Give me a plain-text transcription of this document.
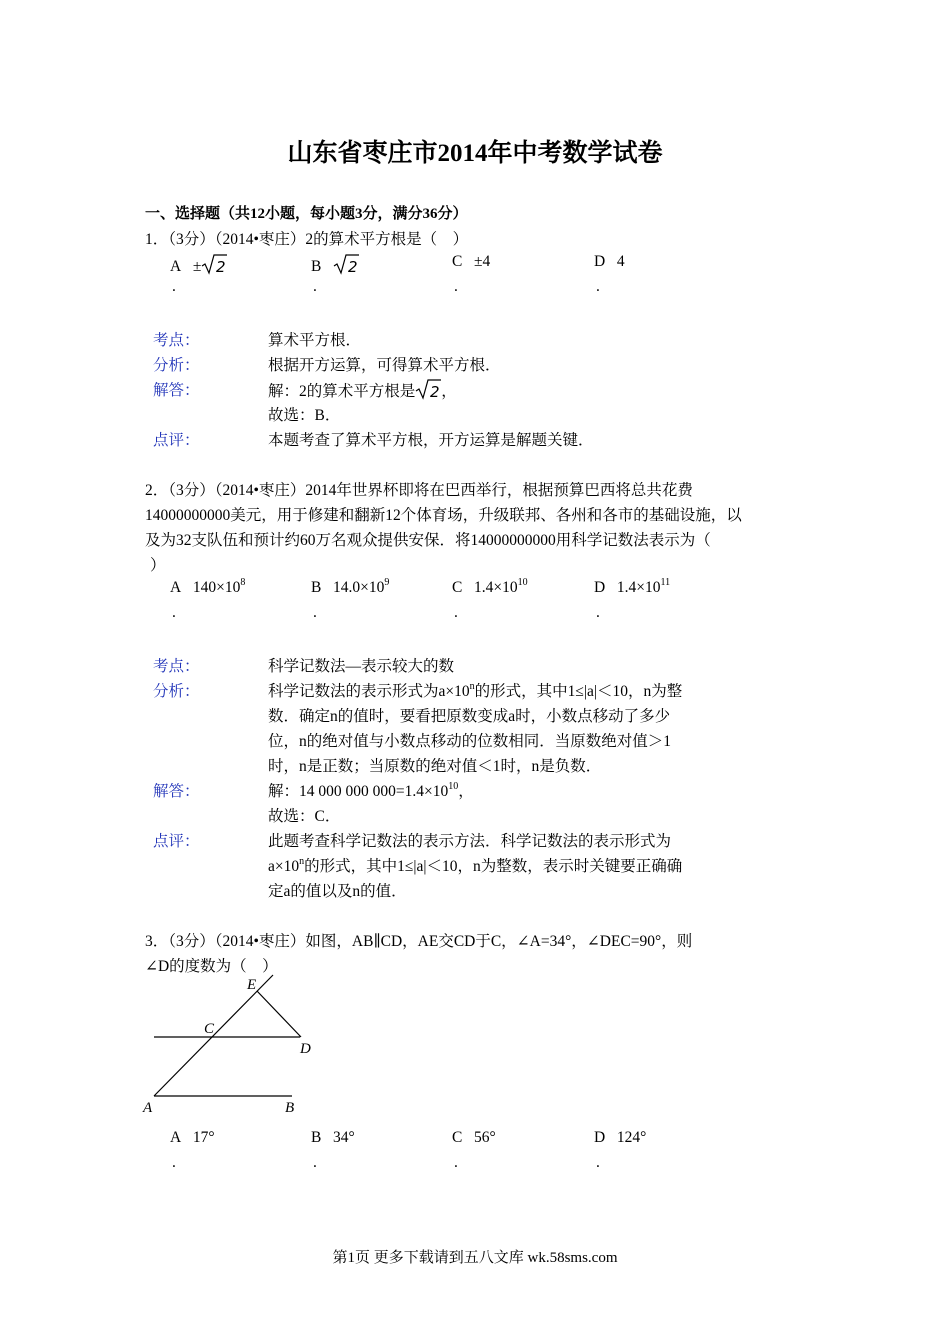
山东省枣庄市2014年中考数学试卷
一、选择题（共12小题，每小题3分，满分36分）
1．（3分）（2014•枣庄）2的算术平方根是（　）
A ± 2	B 2	C ±4	D 4
.	.	.	.
考点：	算术平方根．
分析：	根据开方运算，可得算术平方根．
解答：	解：2的算术平方根是 2 ，
故选：B．
点评：	本题考查了算术平方根，开方运算是解题关键．
2．（3分）（2014•枣庄）2014年世界杯即将在巴西举行，根据预算巴西将总共花费
14000000000美元，用于修建和翻新12个体育场，升级联邦、各州和各市的基础设施，以
及为32支队伍和预计约60万名观众提供安保．将14000000000用科学记数法表示为（
）
A $140\times 10^8$	B $14.0\times 10^9$	C $1.4\times 10^{10}$	D $1.4\times 10^{11}$
.	.	.	.
考点：	科学记数法—表示较大的数
分析：	科学记数法的表示形式为$a\times 10^n$的形式，其中1≤|a|＜10，n为整
数．确定n的值时，要看把原数变成a时，小数点移动了多少
位，n的绝对值与小数点移动的位数相同．当原数绝对值＞1
时，n是正数；当原数的绝对值＜1时，n是负数．
解答：	解：14 000 000 $000=1.4\times 10^{10}$，
故选：C．
点评：	此题考查科学记数法的表示方法．科学记数法的表示形式为
$a\times 10^n$的形式，其中1≤|a|＜10，n为整数，表示时关键要正确确
定a的值以及n的值．
3．（3分）（2014•枣庄）如图，AB∥CD，AE交CD于C，∠A=34°，∠DEC=90°，则
∠D的度数为（　）
E
C
D
A	B
A 17°	B 34°	C 56°	D 124°
.	.	.	.
第1页 更多下载请到五八文库 wk.58sms.com
